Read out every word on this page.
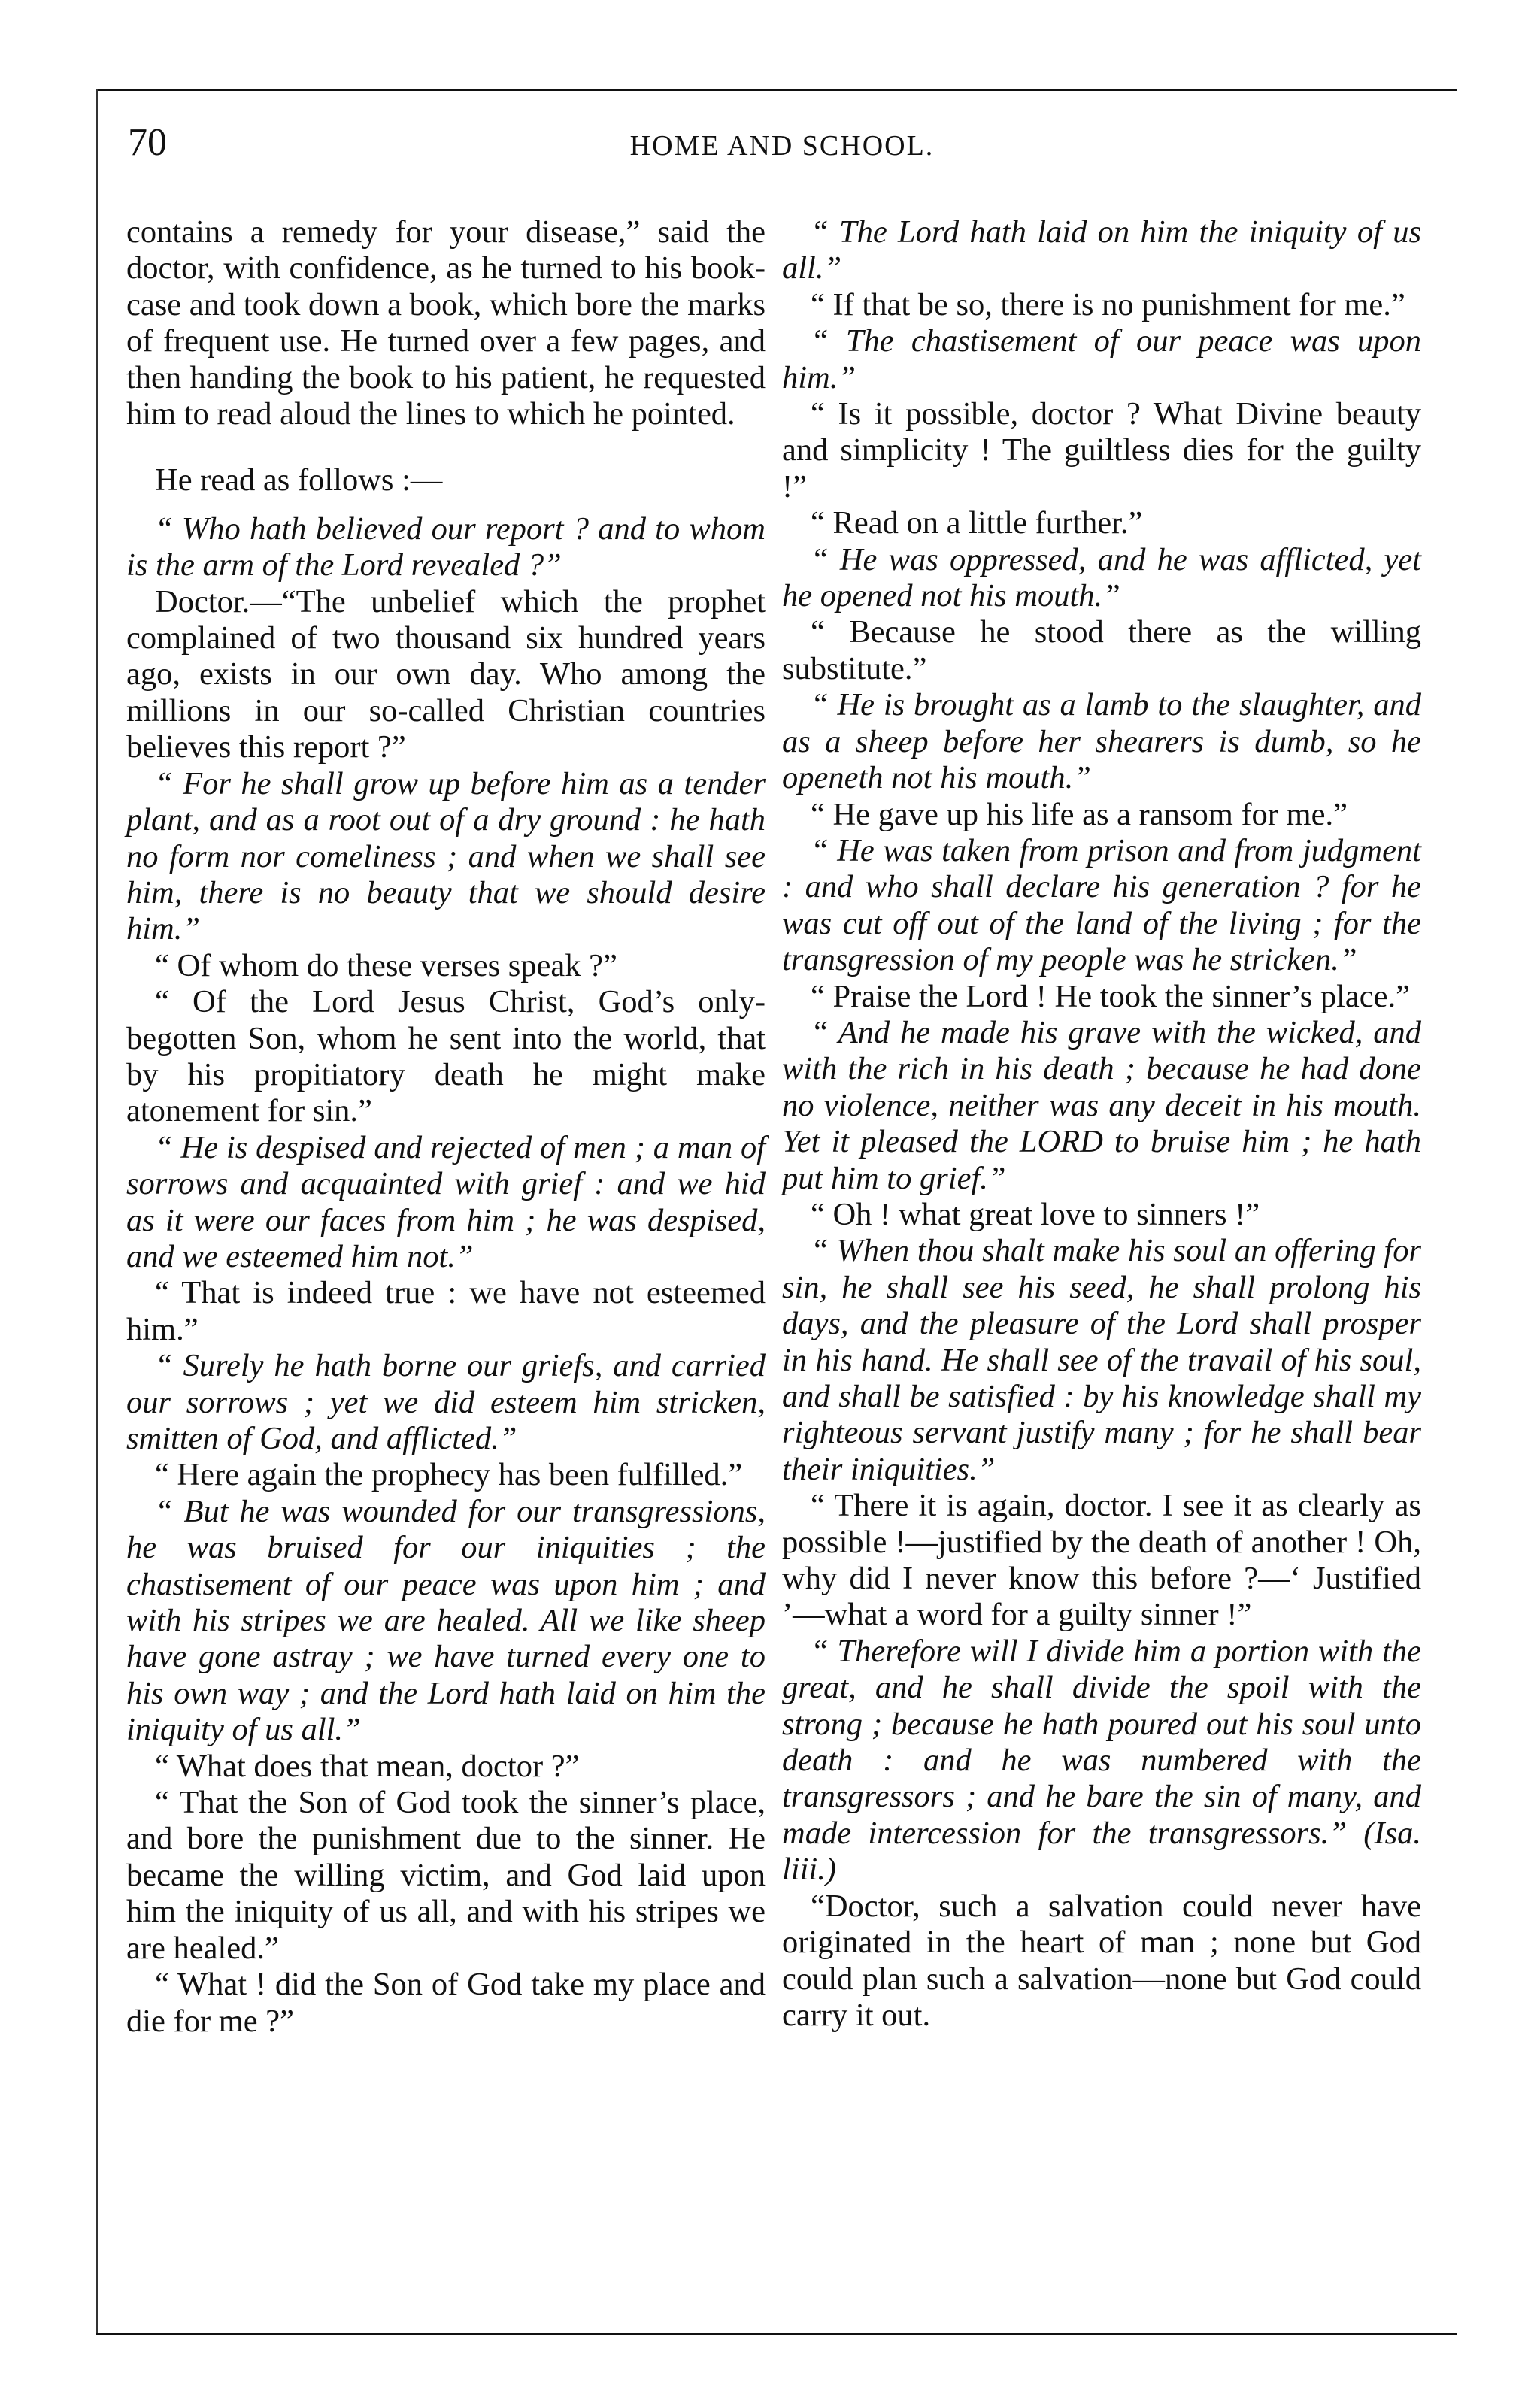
70	HOME AND SCHOOL.

contains a remedy for your disease,” said the doctor, with confidence, as he turned to his book-case and took down a book, which bore the marks of frequent use. He turned over a few pages, and then handing the book to his patient, he requested him to read aloud the lines to which he pointed.

He read as follows :—

“ Who hath believed our report ? and to whom is the arm of the Lord revealed ?”

Doctor.—“The unbelief which the prophet complained of two thousand six hundred years ago, exists in our own day. Who among the millions in our so-called Christian countries believes this report ?”

“ For he shall grow up before him as a tender plant, and as a root out of a dry ground : he hath no form nor comeliness ; and when we shall see him, there is no beauty that we should desire him.”

“ Of whom do these verses speak ?”

“ Of the Lord Jesus Christ, God’s only-begotten Son, whom he sent into the world, that by his propitiatory death he might make atonement for sin.”

“ He is despised and rejected of men ; a man of sorrows and acquainted with grief : and we hid as it were our faces from him ; he was despised, and we esteemed him not.”

“ That is indeed true : we have not esteemed him.”

“ Surely he hath borne our griefs, and carried our sorrows ; yet we did esteem him stricken, smitten of God, and afflicted.”

“ Here again the prophecy has been fulfilled.”

“ But he was wounded for our transgressions, he was bruised for our iniquities ; the chastisement of our peace was upon him ; and with his stripes we are healed. All we like sheep have gone astray ; we have turned every one to his own way ; and the Lord hath laid on him the iniquity of us all.”

“ What does that mean, doctor ?”

“ That the Son of God took the sinner’s place, and bore the punishment due to the sinner. He became the willing victim, and God laid upon him the iniquity of us all, and with his stripes we are healed.”

“ What ! did the Son of God take my place and die for me ?”

“ The Lord hath laid on him the iniquity of us all.”

“ If that be so, there is no punishment for me.”

“ The chastisement of our peace was upon him.”

“ Is it possible, doctor ? What Divine beauty and simplicity ! The guiltless dies for the guilty !”

“ Read on a little further.”

“ He was oppressed, and he was afflicted, yet he opened not his mouth.”

“ Because he stood there as the willing substitute.”

“ He is brought as a lamb to the slaughter, and as a sheep before her shearers is dumb, so he openeth not his mouth.”

“ He gave up his life as a ransom for me.”

“ He was taken from prison and from judgment : and who shall declare his generation ? for he was cut off out of the land of the living ; for the transgression of my people was he stricken.”

“ Praise the Lord ! He took the sinner’s place.”

“ And he made his grave with the wicked, and with the rich in his death ; because he had done no violence, neither was any deceit in his mouth. Yet it pleased the LORD to bruise him ; he hath put him to grief.”

“ Oh ! what great love to sinners !”

“ When thou shalt make his soul an offering for sin, he shall see his seed, he shall prolong his days, and the pleasure of the Lord shall prosper in his hand. He shall see of the travail of his soul, and shall be satisfied : by his knowledge shall my righteous servant justify many ; for he shall bear their iniquities.”

“ There it is again, doctor. I see it as clearly as possible !—justified by the death of another ! Oh, why did I never know this before ?—‘ Justified ’—what a word for a guilty sinner !”

“ Therefore will I divide him a portion with the great, and he shall divide the spoil with the strong ; because he hath poured out his soul unto death : and he was numbered with the transgressors ; and he bare the sin of many, and made intercession for the transgressors.” (Isa. liii.)

“Doctor, such a salvation could never have originated in the heart of man ; none but God could plan such a salvation—none but God could carry it out.
